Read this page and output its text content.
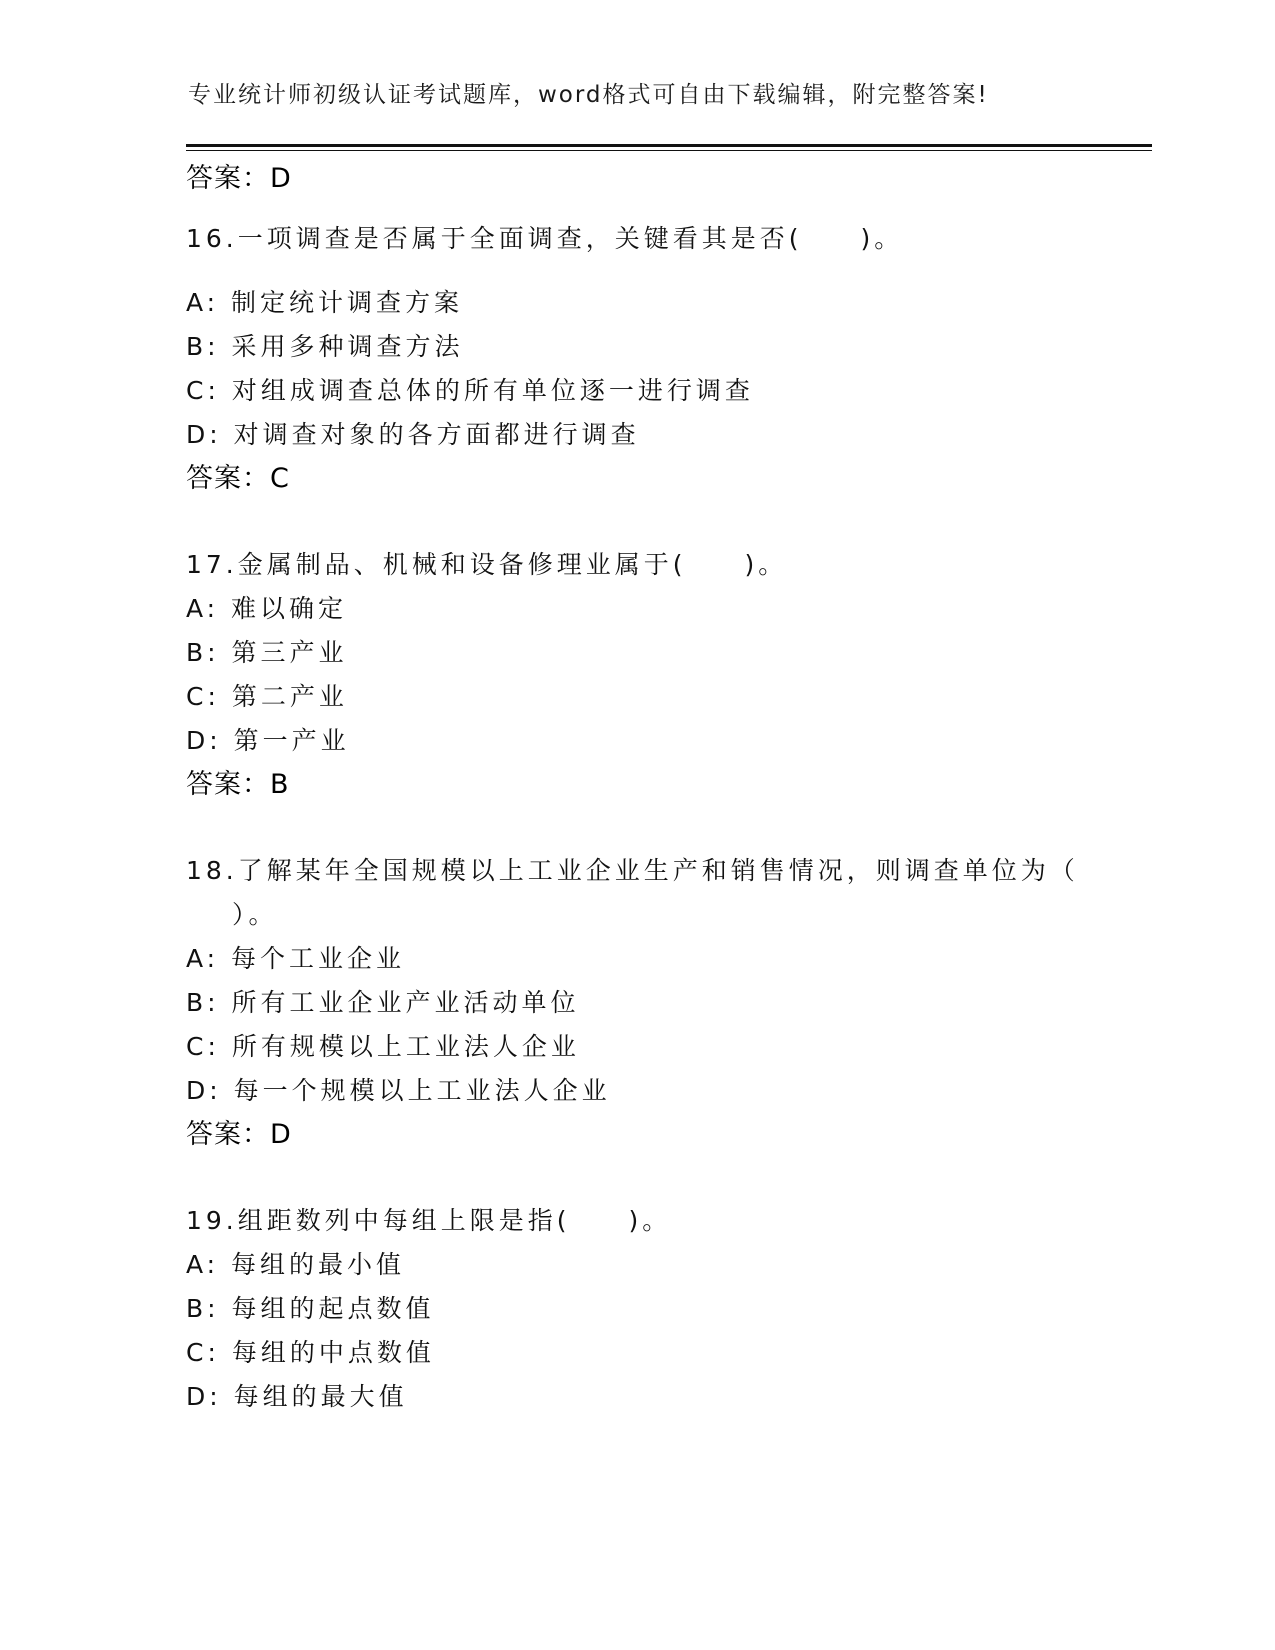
专业统计师初级认证考试题库，word格式可自由下载编辑，附完整答案!
答案：D
16.一项调查是否属于全面调查，关键看其是否(　　)。
A: 制定统计调查方案
B: 采用多种调查方法
C: 对组成调查总体的所有单位逐一进行调查
D: 对调查对象的各方面都进行调查
答案：C
17.金属制品、机械和设备修理业属于(　　)。
A: 难以确定
B: 第三产业
C: 第二产业
D: 第一产业
答案：B
18.了解某年全国规模以上工业企业生产和销售情况，则调查单位为（
）。
A: 每个工业企业
B: 所有工业企业产业活动单位
C: 所有规模以上工业法人企业
D: 每一个规模以上工业法人企业
答案：D
19.组距数列中每组上限是指(　　)。
A: 每组的最小值
B: 每组的起点数值
C: 每组的中点数值
D: 每组的最大值
